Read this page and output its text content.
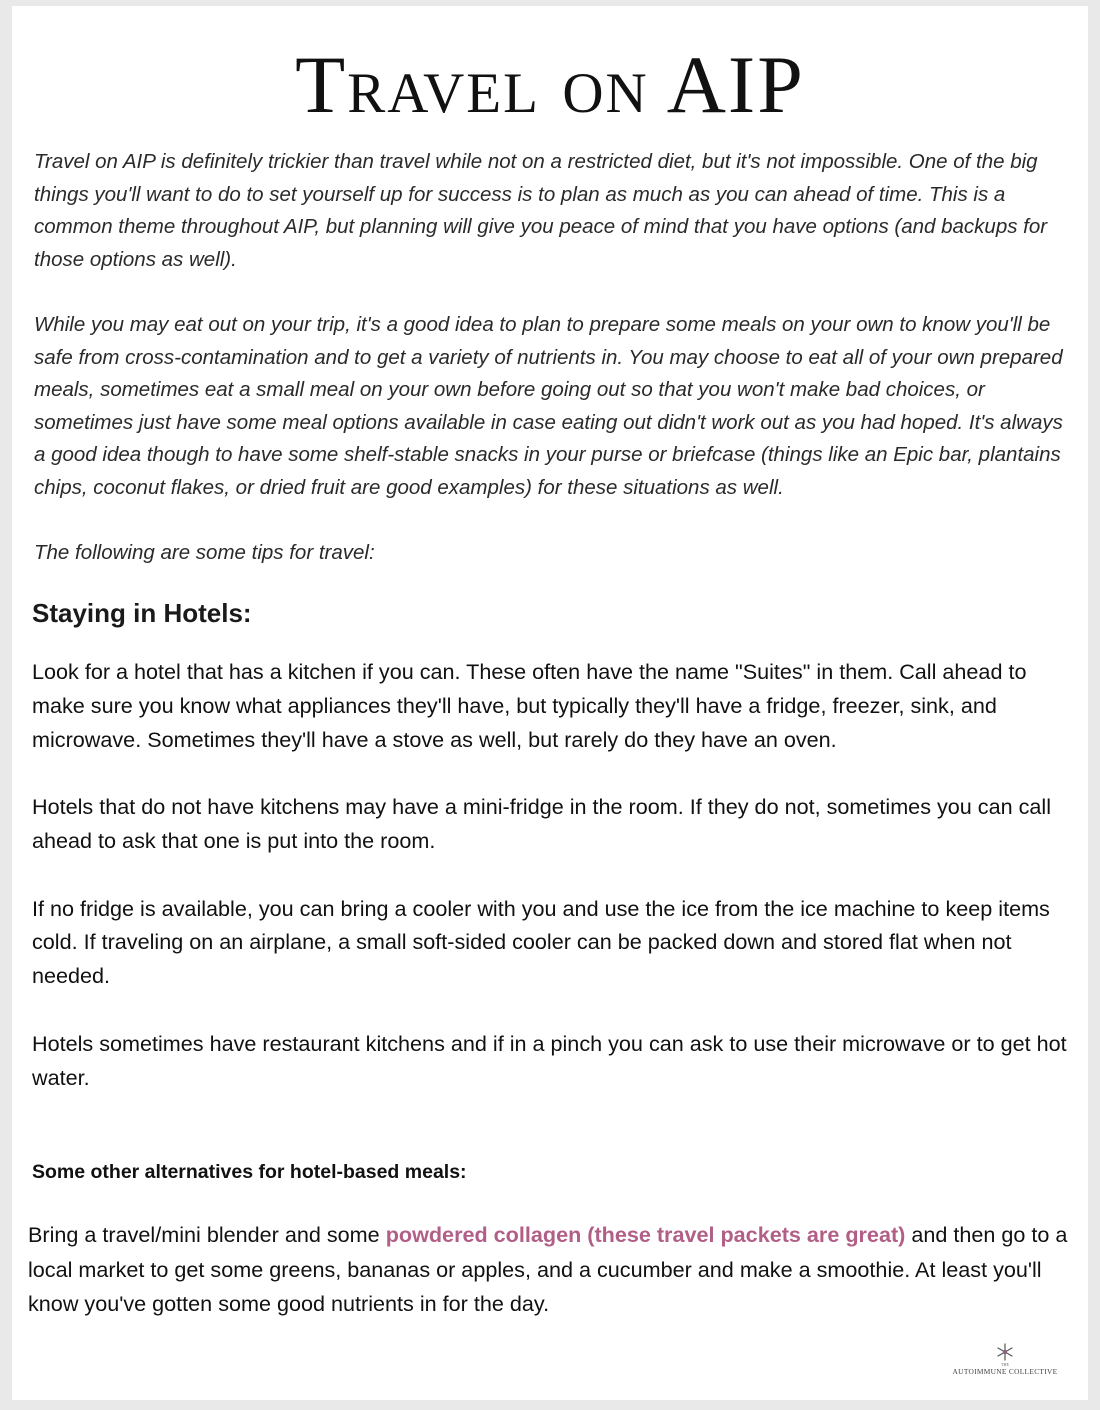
Travel on AIP

Travel on AIP is definitely trickier than travel while not on a restricted diet, but it's not impossible. One of the big things you'll want to do to set yourself up for success is to plan as much as you can ahead of time. This is a common theme throughout AIP, but planning will give you peace of mind that you have options (and backups for those options as well).

While you may eat out on your trip, it's a good idea to plan to prepare some meals on your own to know you'll be safe from cross-contamination and to get a variety of nutrients in. You may choose to eat all of your own prepared meals, sometimes eat a small meal on your own before going out so that you won't make bad choices, or sometimes just have some meal options available in case eating out didn't work out as you had hoped. It's always a good idea though to have some shelf-stable snacks in your purse or briefcase (things like an Epic bar, plantains chips, coconut flakes, or dried fruit are good examples) for these situations as well.

The following are some tips for travel:

Staying in Hotels:

Look for a hotel that has a kitchen if you can. These often have the name "Suites" in them. Call ahead to make sure you know what appliances they'll have, but typically they'll have a fridge, freezer, sink, and microwave. Sometimes they'll have a stove as well, but rarely do they have an oven.

Hotels that do not have kitchens may have a mini-fridge in the room. If they do not, sometimes you can call ahead to ask that one is put into the room.

If no fridge is available, you can bring a cooler with you and use the ice from the ice machine to keep items cold. If traveling on an airplane, a small soft-sided cooler can be packed down and stored flat when not needed.

Hotels sometimes have restaurant kitchens and if in a pinch you can ask to use their microwave or to get hot water.

Some other alternatives for hotel-based meals:

Bring a travel/mini blender and some powdered collagen (these travel packets are great) and then go to a local market to get some greens, bananas or apples, and a cucumber and make a smoothie. At least you'll know you've gotten some good nutrients in for the day.

THE
AUTOIMMUNE COLLECTIVE
